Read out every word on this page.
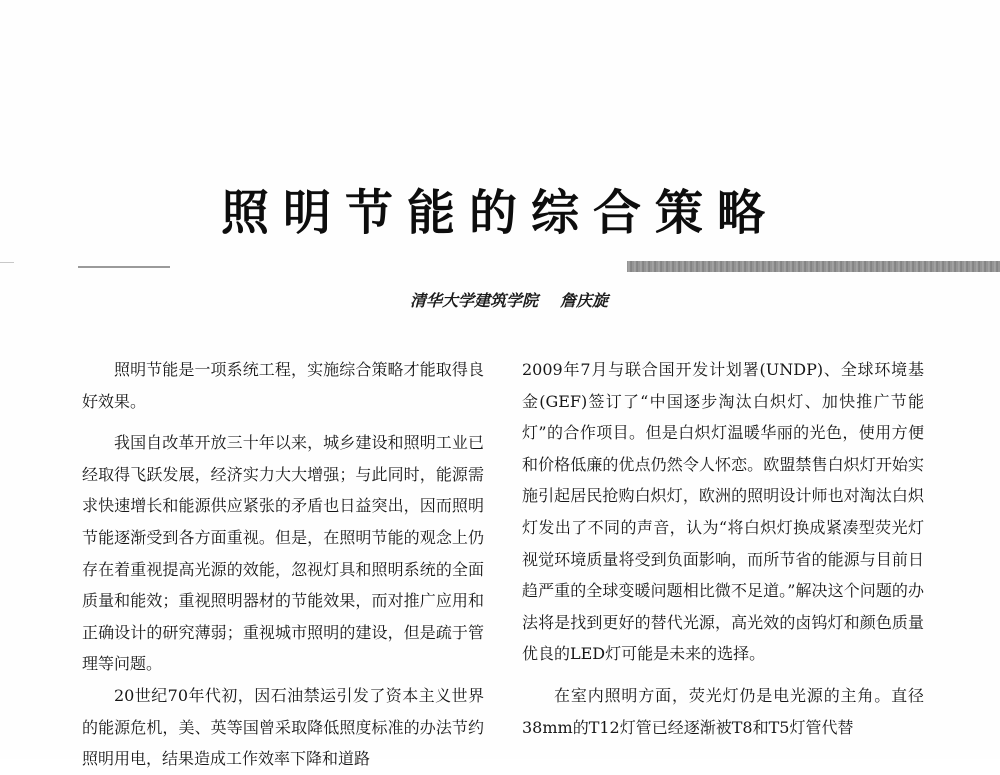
照明节能的综合策略
清华大学建筑学院 詹庆旋

照明节能是一项系统工程，实施综合策略才能取得良好效果。

我国自改革开放三十年以来，城乡建设和照明工业已经取得飞跃发展，经济实力大大增强；与此同时，能源需求快速增长和能源供应紧张的矛盾也日益突出，因而照明节能逐渐受到各方面重视。但是，在照明节能的观念上仍存在着重视提高光源的效能，忽视灯具和照明系统的全面质量和能效；重视照明器材的节能效果，而对推广应用和正确设计的研究薄弱；重视城市照明的建设，但是疏于管理等问题。

20世纪70年代初，因石油禁运引发了资本主义世界的能源危机，美、英等国曾采取降低照度标准的办法节约照明用电，结果造成工作效率下降和道路

2009年7月与联合国开发计划署(UNDP)、全球环境基金(GEF)签订了“中国逐步淘汰白炽灯、加快推广节能灯”的合作项目。但是白炽灯温暖华丽的光色，使用方便和价格低廉的优点仍然令人怀恋。欧盟禁售白炽灯开始实施引起居民抢购白炽灯，欧洲的照明设计师也对淘汰白炽灯发出了不同的声音，认为“将白炽灯换成紧凑型荧光灯视觉环境质量将受到负面影响，而所节省的能源与目前日趋严重的全球变暖问题相比微不足道。”解决这个问题的办法将是找到更好的替代光源，高光效的卤钨灯和颜色质量优良的LED灯可能是未来的选择。

在室内照明方面，荧光灯仍是电光源的主角。直径38mm的T12灯管已经逐渐被T8和T5灯管代替
